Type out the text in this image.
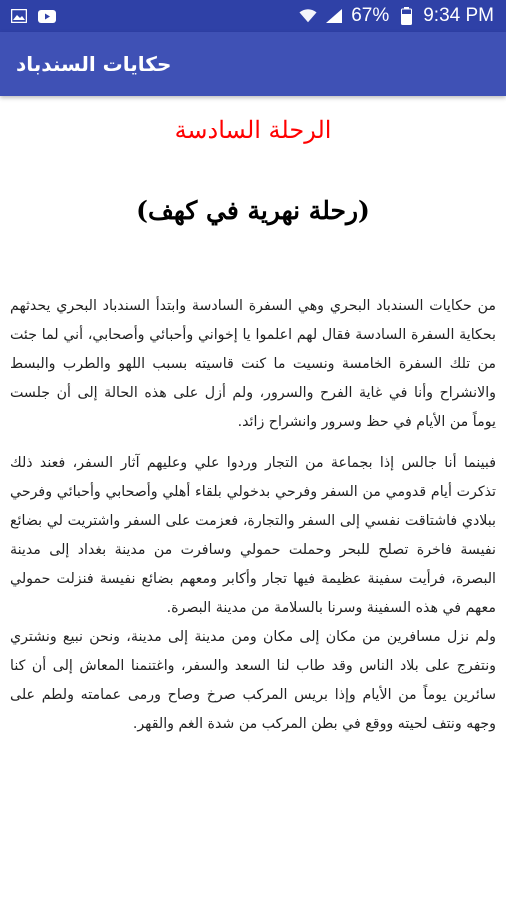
67% 9:34 PM
حكايات السندباد
الرحلة السادسة
(رحلة نهرية في كهف)

من حكايات السندباد البحري وهي السفرة السادسة وابتدأ السندباد البحري يحدثهم بحكاية السفرة السادسة فقال لهم اعلموا يا إخواني وأحبائي وأصحابي، أني لما جئت من تلك السفرة الخامسة ونسيت ما كنت قاسيته بسبب اللهو والطرب والبسط والانشراح وأنا في غاية الفرح والسرور، ولم أزل على هذه الحالة إلى أن جلست يوماً من الأيام في حظ وسرور وانشراح زائد.

فبينما أنا جالس إذا بجماعة من التجار وردوا علي وعليهم آثار السفر، فعند ذلك تذكرت أيام قدومي من السفر وفرحي بدخولي بلقاء أهلي وأصحابي وأحبائي وفرحي ببلادي فاشتاقت نفسي إلى السفر والتجارة، فعزمت على السفر واشتريت لي بضائع نفيسة فاخرة تصلح للبحر وحملت حمولي وسافرت من مدينة بغداد إلى مدينة البصرة، فرأيت سفينة عظيمة فيها تجار وأكابر ومعهم بضائع نفيسة فنزلت حمولي معهم في هذه السفينة وسرنا بالسلامة من مدينة البصرة.

ولم نزل مسافرين من مكان إلى مكان ومن مدينة إلى مدينة، ونحن نبيع ونشتري ونتفرج على بلاد الناس وقد طاب لنا السعد والسفر، واغتنمنا المعاش إلى أن كنا سائرين يوماً من الأيام وإذا بريس المركب صرخ وصاح ورمى عمامته ولطم على وجهه ونتف لحيته ووقع في بطن المركب من شدة الغم والقهر.
